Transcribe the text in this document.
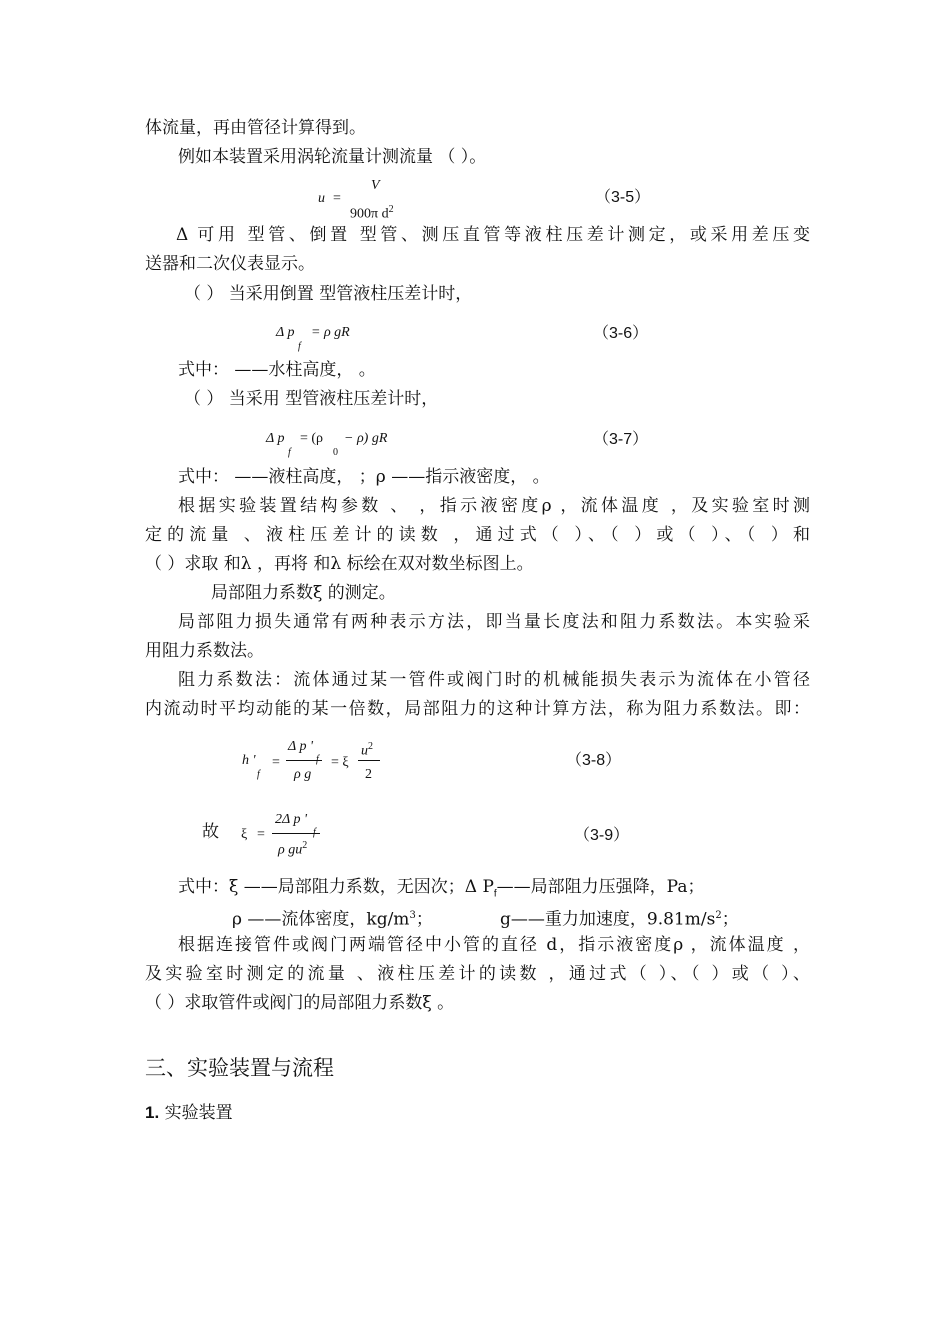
体流量，再由管径计算得到。
例如本装置采用涡轮流量计测流量 （ ）。
u =
V
900π $d^2$
（3-5）
Δ 可用 型管、倒置 型管、测压直管等液柱压差计测定，或采用差压变
送器和二次仪表显示。
（ ） 当采用倒置 型管液柱压差计时，
Δ p
f
= ρ gR	（3-6）
式中： ——水柱高度， 。
（ ） 当采用 型管液柱压差计时，
Δ p
f
= (ρ
0
− ρ) gR	（3-7）
式中： ——液柱高度， ；ρ ——指示液密度， 。
根据实验装置结构参数 、 ，指示液密度ρ ，流体温度 ，及实验室时测
定的流量 、液柱压差计的读数 ，通过式（ ）、（ ）或（ ）、（ ）和
（ ）求取 和λ ，再将 和λ 标绘在双对数坐标图上。
局部阻力系数ξ 的测定。
局部阻力损失通常有两种表示方法，即当量长度法和阻力系数法。本实验采
用阻力系数法。
阻力系数法：流体通过某一管件或阀门时的机械能损失表示为流体在小管径
内流动时平均动能的某一倍数，局部阻力的这种计算方法，称为阻力系数法。即：
h '
f
=
Δ p '
f
ρ g
= ξ
$u^2$
2
（3-8）
故	ξ =
2Δ p '
f
ρ $gu^2$
（3-9）
式中：ξ ——局部阻力系数，无因次；Δ $P_f——$局部阻力压强降，Pa；
ρ ——流体密度，$kg/m^3$；	g——重力加速度，$9.81m/s^2$；
根据连接管件或阀门两端管径中小管的直径 d，指示液密度ρ ，流体温度 ，
及实验室时测定的流量 、液柱压差计的读数 ，通过式（ ）、（ ）或（ ）、
（ ）求取管件或阀门的局部阻力系数ξ 。
三、实验装置与流程
1. 实验装置
